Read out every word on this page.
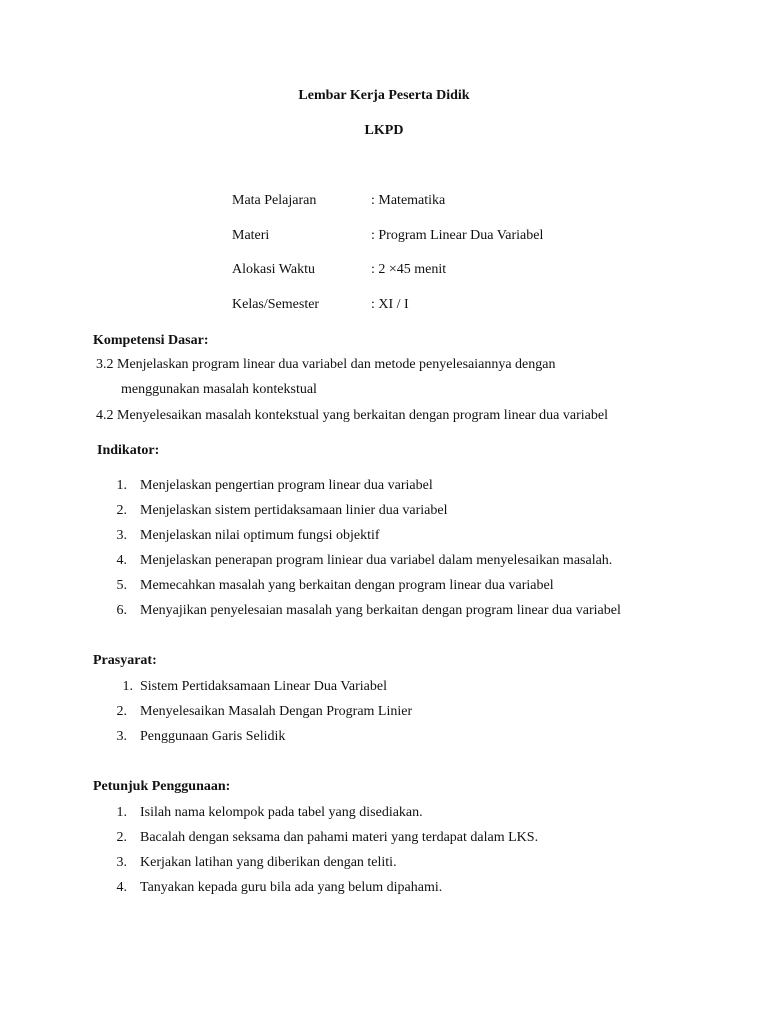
Lembar Kerja Peserta Didik
LKPD
Mata Pelajaran	: Matematika
Materi	: Program Linear Dua Variabel
Alokasi Waktu	: 2 ×45 menit
Kelas/Semester	: XI / I
Kompetensi Dasar:
3.2 Menjelaskan program linear dua variabel dan metode penyelesaiannya dengan
menggunakan masalah kontekstual
4.2 Menyelesaikan masalah kontekstual yang berkaitan dengan program linear dua variabel
Indikator:
1. Menjelaskan pengertian program linear dua variabel
2. Menjelaskan sistem pertidaksamaan linier dua variabel
3. Menjelaskan nilai optimum fungsi objektif
4. Menjelaskan penerapan program liniear dua variabel dalam menyelesaikan masalah.
5. Memecahkan masalah yang berkaitan dengan program linear dua variabel
6. Menyajikan penyelesaian masalah yang berkaitan dengan program linear dua variabel
Prasyarat:
1. Sistem Pertidaksamaan Linear Dua Variabel
2. Menyelesaikan Masalah Dengan Program Linier
3. Penggunaan Garis Selidik
Petunjuk Penggunaan:
1. Isilah nama kelompok pada tabel yang disediakan.
2. Bacalah dengan seksama dan pahami materi yang terdapat dalam LKS.
3. Kerjakan latihan yang diberikan dengan teliti.
4. Tanyakan kepada guru bila ada yang belum dipahami.
